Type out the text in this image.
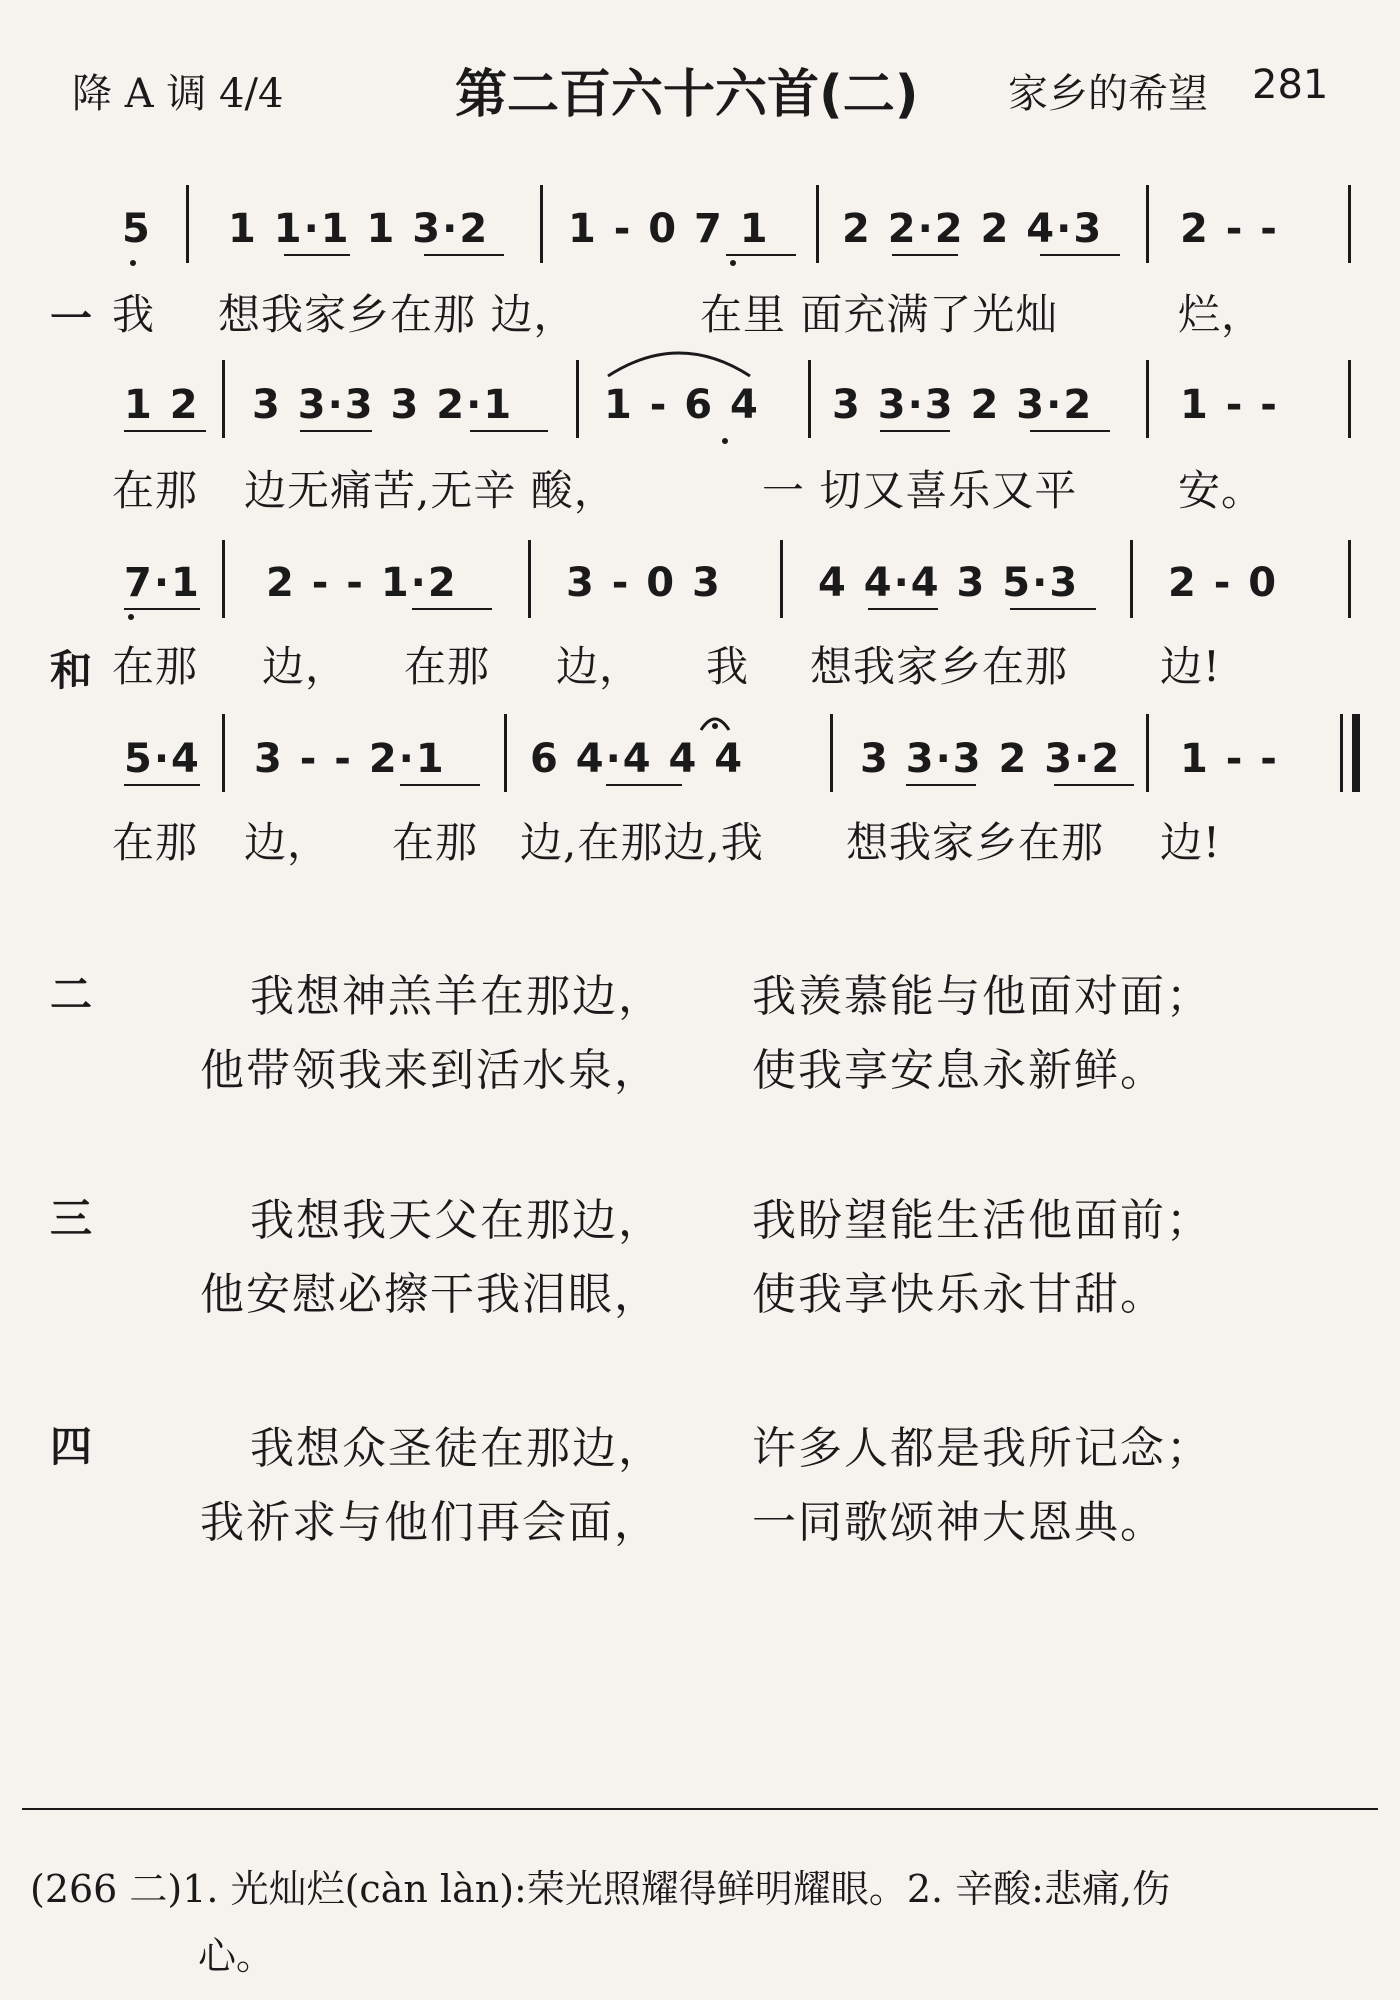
降 A 调 4/4	第二百六十六首(二) 家乡的希望 281
5 1 1·1 1 3·2 1 - 0 7 1 2 2·2 2 4·3 2 - -
一 我 想我家乡在那 边，	在里 面充满了光灿	烂，
1 2 3 3·3 3 2·1 1 - 6 4 3 3·3 2 3·2 1 - -
在那 边无痛苦,无辛 酸，	一 切又喜乐又平 安。
7·1 2 - - 1·2	3 - 0 3 4 4·4 3 5·3 2 - 0
和 在那 边， 在那 边， 我 想我家乡在那 边!
5·4 3 - - 2·1 6 4·4 4 4	3 3·3 2 3·2 1 - -
在那 边， 在那 边,在那边,我 想我家乡在那 边!
二	我想神羔羊在那边， 我羡慕能与他面对面；
他带领我来到活水泉， 使我享安息永新鲜。
三	我想我天父在那边， 我盼望能生活他面前；
他安慰必擦干我泪眼， 使我享快乐永甘甜。
四	我想众圣徒在那边， 许多人都是我所记念；
我祈求与他们再会面， 一同歌颂神大恩典。
(266 二)1. 光灿烂(càn làn):荣光照耀得鲜明耀眼。2. 辛酸:悲痛,伤
心。
